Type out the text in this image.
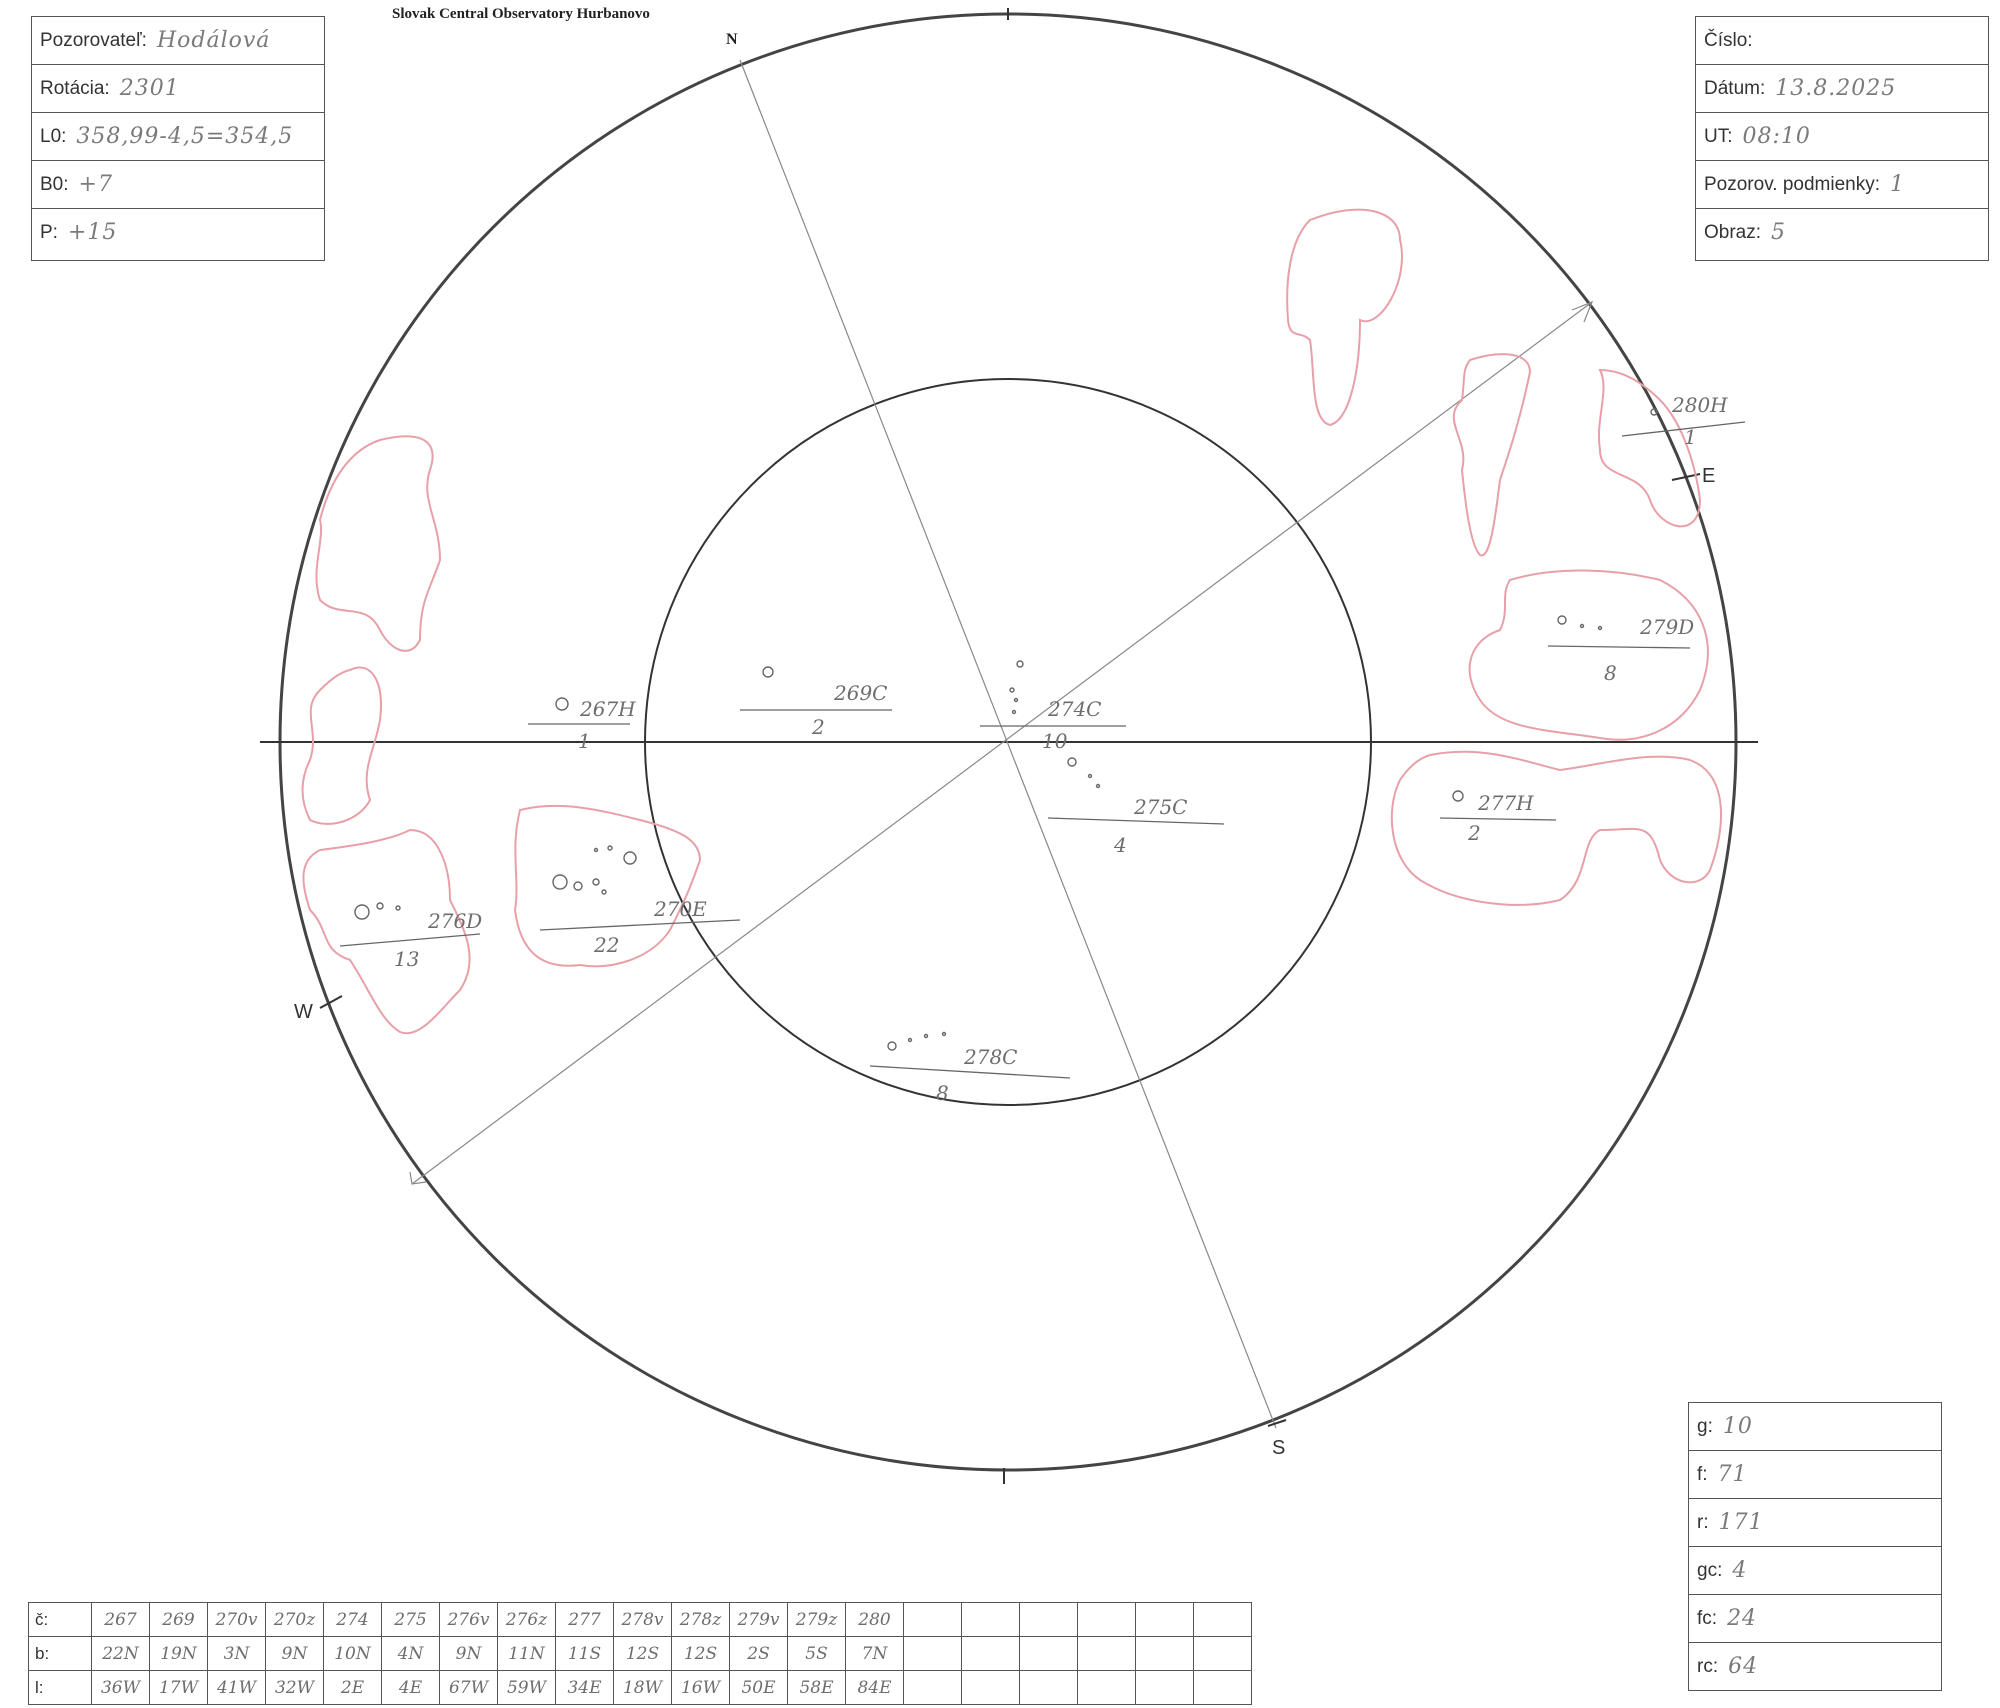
Slovak Central Observatory Hurbanovo
Pozorovateľ: Hodálová
Rotácia: 2301
L0: 358,99-4,5=354,5
B0: +7
P: +15
Číslo:
Dátum: 13.8.2025
UT: 08:10
Pozorov. podmienky: 1
Obraz: 5
N
S
E
W
267H
1
269C
2
274C
10
275C
4
276D
13
270E
22
278C
8
280H
1
279D
8
277H
2
g: 10
f: 71
r: 171
gc: 4
fc: 24
rc: 64
č:	267	269	270v	270z	274	275	276v	276z	277	278v	278z	279v	279z	280						
b:	22N	19N	3N	9N	10N	4N	9N	11N	11S	12S	12S	2S	5S	7N						
l:	36W	17W	41W	32W	2E	4E	67W	59W	34E	18W	16W	50E	58E	84E						
